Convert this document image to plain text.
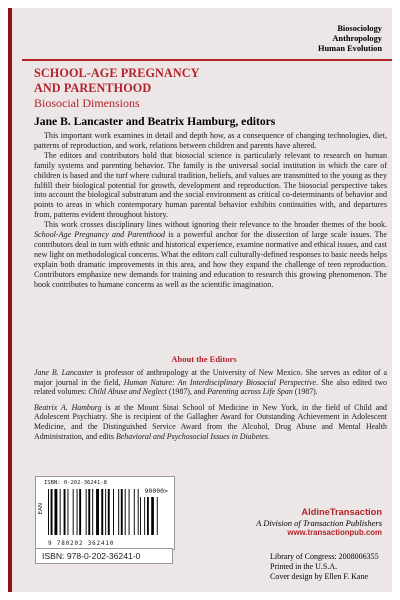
Biosociology
Anthropology
Human Evolution
SCHOOL-AGE PREGNANCY
AND PARENTHOOD
Biosocial Dimensions
Jane B. Lancaster and Beatrix Hamburg, editors

This important work examines in detail and depth how, as a consequence of changing technologies, diet, patterns of reproduction, and work, relations between children and parents have altered.

The editors and contributors hold that biosocial science is particularly relevant to research on human family systems and parenting behavior. The family is the universal social institution in which the care of children is based and the turf where cultural tradition, beliefs, and values are transmitted to the young as they fulfill their biological potential for growth, development and reproduction. The biosocial perspective takes into account the biological substratum and the social environment as critical co-determinants of behavior and points to areas in which contemporary human parental behavior exhibits continuities with, and departures from, patterns evident throughout history.

This work crosses disciplinary lines without ignoring their relevance to the broader themes of the book. School-Age Pregnancy and Parenthood is a powerful anchor for the dissection of large scale issues. The contributors deal in turn with ethnic and historical experience, examine normative and ethical issues, and cast new light on methodological concerns. What the editors call culturally-defined responses to basic needs helps explain both dramatic improvements in this area, and how they expand the challenge of teen reproduction. Contributors emphasize new demands for training and education to research this growing phenomenon. The book contributes to humane concerns as well as the scientific imagination.

About the Editors

Jane B. Lancaster is professor of anthropology at the University of New Mexico. She serves as editor of a major journal in the field, Human Nature: An Interdisciplinary Biosocial Perspective. She also edited two related volumes: Child Abuse and Neglect (1987), and Parenting across Life Span (1987).

Beatrix A. Hamburg is at the Mount Sinai School of Medicine in New York, in the field of Child and Adolescent Psychiatry. She is recipient of the Gallagher Award for Outstanding Achievement in Adolescent Medicine, and the Distinguished Service Award from the Alcohol, Drug Abuse and Mental Health Administration, and edits Behavioral and Psychosocial Issues in Diabetes.

ISBN: 0-202-36241-8
90000>
EAN
9 780202 362410
ISBN: 978-0-202-36241-0
AldineTransaction
A Division of Transaction Publishers
www.transactionpub.com
Library of Congress: 2008006355
Printed in the U.S.A.
Cover design by Ellen F. Kane
